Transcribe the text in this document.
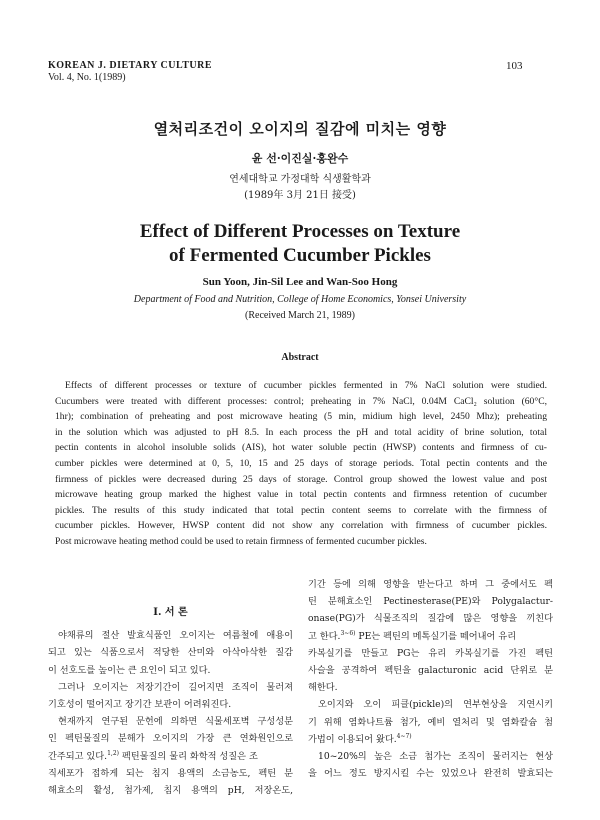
KOREAN J. DIETARY CULTURE
Vol. 4, No. 1(1989)
103
열처리조건이 오이지의 질감에 미치는 영향
윤 선·이진실·홍완수
연세대학교 가정대학 식생활학과
(1989年 3月 21日 接受)
Effect of Different Processes on Texture
of Fermented Cucumber Pickles
Sun Yoon, Jin-Sil Lee and Wan-Soo Hong
Department of Food and Nutrition, College of Home Economics, Yonsei University
(Received March 21, 1989)
Abstract
Effects of different processes or texture of cucumber pickles fermented in 7% NaCl solution were studied.
Cucumbers were treated with different processes: control; preheating in 7% NaCl, 0.04M CaCl₂ solution (60°C,
1hr); combination of preheating and post microwave heating (5 min, midium high level, 2450 Mhz); preheating
in the solution which was adjusted to pH 8.5. In each process the pH and total acidity of brine solution, total
pectin contents in alcohol insoluble solids (AIS), hot water soluble pectin (HWSP) contents and firmness of cu-
cumber pickles were determined at 0, 5, 10, 15 and 25 days of storage periods. Total pectin contents and the
firmness of pickles were decreased during 25 days of storage. Control group showed the lowest value and post
microwave heating group marked the highest value in total pectin contents and firmness retention of cucumber
pickles. The results of this study indicated that total pectin content seems to correlate with the firmness of
cucumber pickles. However, HWSP content did not show any correlation with firmness of cucumber pickles.
Post microwave heating method could be used to retain firmness of fermented cucumber pickles.
I. 서 론
야채류의 절산 발효식품인 오이지는 여름철에 애용이
되고 있는 식품으로서 적당한 산미와 아삭아삭한 질감
이 선호도를 높이는 큰 요인이 되고 있다.
그러나 오이지는 저장기간이 길어지면 조직이 물러져
기호성이 떨어지고 장기간 보관이 어려워진다.
현재까지 연구된 문헌에 의하면 식물세포벽 구성성분
인 펙틴물질의 분해가 오이지의 가장 큰 연화원인으로
간주되고 있다.$^{1,2)}$ 펙틴물질의 물리 화학적 성질은 조
직세포가 접하게 되는 침지 용액의 소금농도, 펙틴 분
해효소의 활성, 첨가제, 침지 용액의 pH, 저장온도,
기간 등에 의해 영향을 받는다고 하며 그 중에서도 펙
틴 분해효소인 Pectinesterase(PE)와 Polygalactur-
onase(PG)가 식물조직의 질감에 많은 영향을 끼친다
고 한다.$^{3\sim 6)}$ PE는 펙틴의 메톡실기를 떼어내어 유리
카복실기를 만들고 PG는 유리 카복실기를 가진 펙틴
사슬을 공격하여 펙틴을 galacturonic acid 단위로 분
해한다.
오이지와 오이 피클(pickle)의 연부현상을 지연시키
기 위해 염화나트륨 첨가, 예비 열처리 및 염화칼슘 첨
가법이 이용되어 왔다.$^{4\sim 7)}$
10~20%의 높은 소금 첨가는 조직이 물러지는 현상
을 어느 정도 방지시킬 수는 있었으나 완전히 발효되는
